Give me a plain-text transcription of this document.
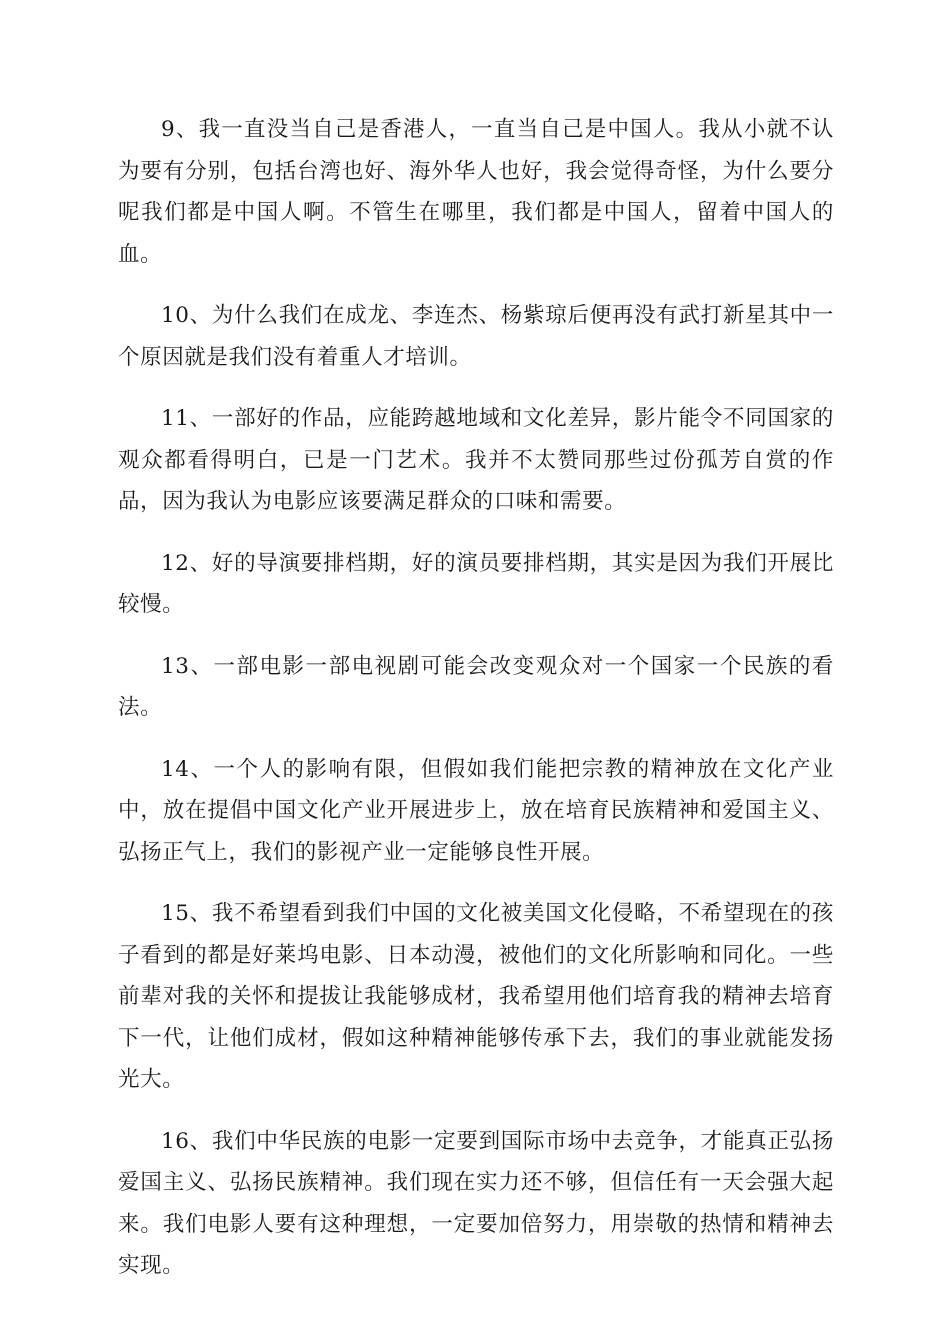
9、我一直没当自己是香港人，一直当自己是中国人。我从小就不认为要有分别，包括台湾也好、海外华人也好，我会觉得奇怪，为什么要分呢我们都是中国人啊。不管生在哪里，我们都是中国人，留着中国人的血。

10、为什么我们在成龙、李连杰、杨紫琼后便再没有武打新星其中一个原因就是我们没有着重人才培训。

11、一部好的作品，应能跨越地域和文化差异，影片能令不同国家的观众都看得明白，已是一门艺术。我并不太赞同那些过份孤芳自赏的作品，因为我认为电影应该要满足群众的口味和需要。

12、好的导演要排档期，好的演员要排档期，其实是因为我们开展比较慢。

13、一部电影一部电视剧可能会改变观众对一个国家一个民族的看法。

14、一个人的影响有限，但假如我们能把宗教的精神放在文化产业中，放在提倡中国文化产业开展进步上，放在培育民族精神和爱国主义、弘扬正气上，我们的影视产业一定能够良性开展。

15、我不希望看到我们中国的文化被美国文化侵略，不希望现在的孩子看到的都是好莱坞电影、日本动漫，被他们的文化所影响和同化。一些前辈对我的关怀和提拔让我能够成材，我希望用他们培育我的精神去培育下一代，让他们成材，假如这种精神能够传承下去，我们的事业就能发扬光大。

16、我们中华民族的电影一定要到国际市场中去竞争，才能真正弘扬爱国主义、弘扬民族精神。我们现在实力还不够，但信任有一天会强大起来。我们电影人要有这种理想，一定要加倍努力，用崇敬的热情和精神去实现。
